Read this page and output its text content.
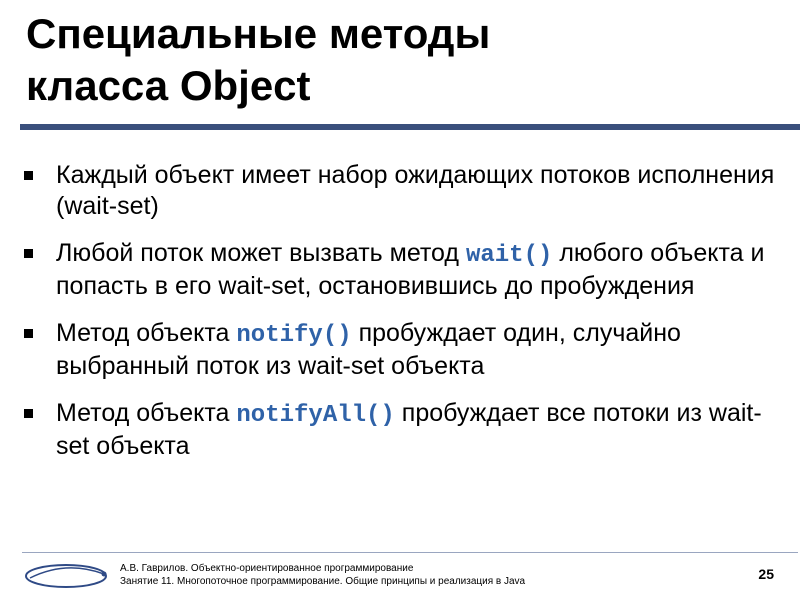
Специальные методы
класса Object
Каждый объект имеет набор ожидающих потоков исполнения (wait-set)
Любой поток может вызвать метод wait() любого объекта и попасть в его wait-set, остановившись до пробуждения
Метод объекта notify() пробуждает один, случайно выбранный поток из wait-set объекта
Метод объекта notifyAll() пробуждает все потоки из wait-set объекта
А.В. Гаврилов. Объектно-ориентированное программирование
Занятие 11. Многопоточное программирование. Общие принципы и реализация в Java	25
